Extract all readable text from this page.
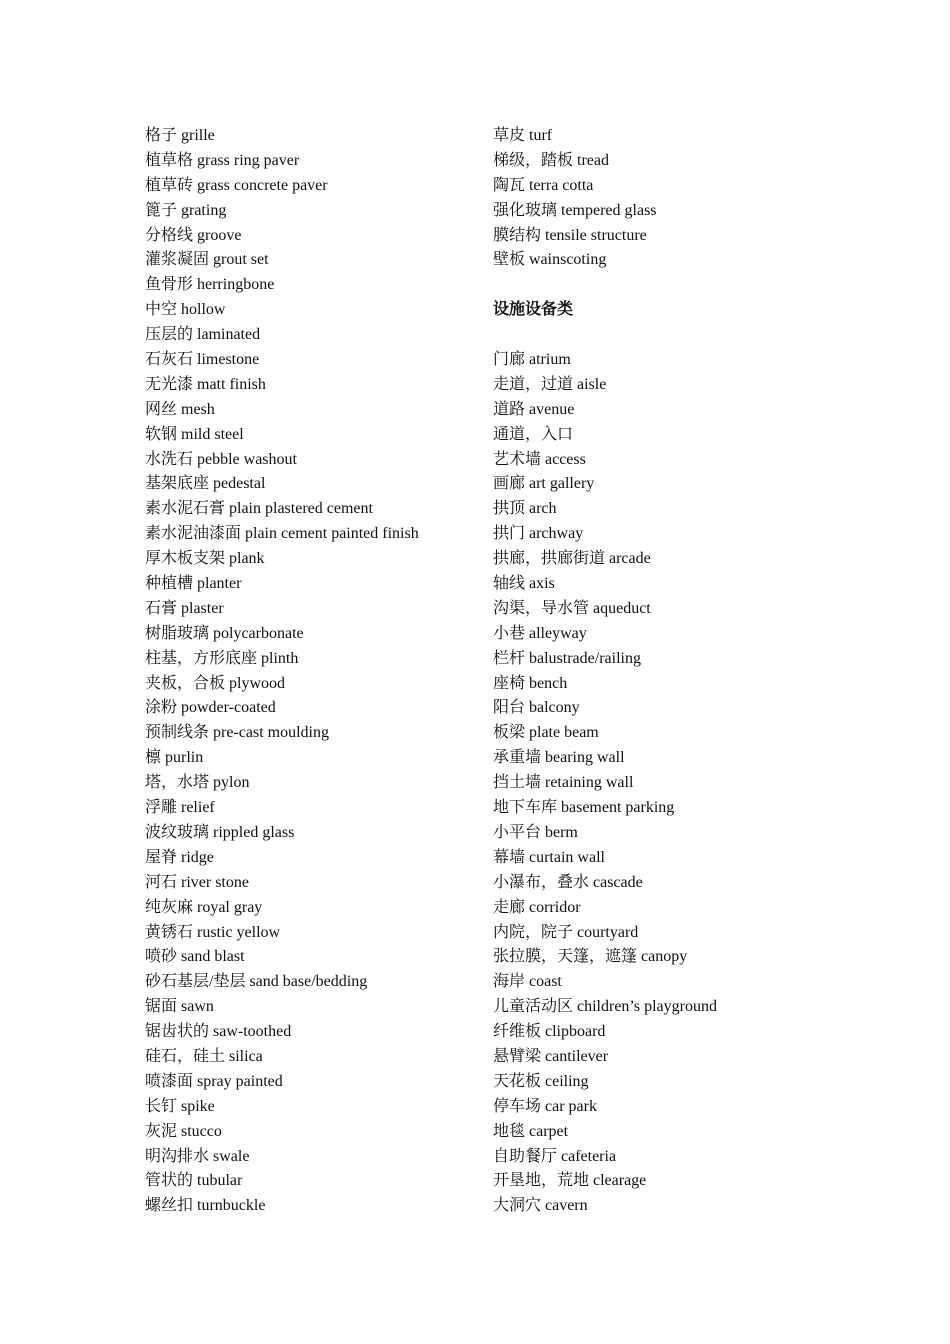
格子 grille
植草格 grass ring paver
植草砖 grass concrete paver
篦子 grating
分格线 groove
灌浆凝固 grout set
鱼骨形 herringbone
中空 hollow
压层的 laminated
石灰石 limestone
无光漆 matt finish
网丝 mesh
软钢 mild steel
水洗石 pebble washout
基架底座 pedestal
素水泥石膏 plain plastered cement
素水泥油漆面 plain cement painted finish
厚木板支架 plank
种植槽 planter
石膏 plaster
树脂玻璃 polycarbonate
柱基，方形底座 plinth
夹板，合板 plywood
涂粉 powder-coated
预制线条 pre-cast moulding
檩 purlin
塔，水塔 pylon
浮雕 relief
波纹玻璃 rippled glass
屋脊 ridge
河石 river stone
纯灰麻 royal gray
黄锈石 rustic yellow
喷砂 sand blast
砂石基层/垫层 sand base/bedding
锯面 sawn
锯齿状的 saw-toothed
硅石，硅土 silica
喷漆面 spray painted
长钉 spike
灰泥 stucco
明沟排水 swale
管状的 tubular
螺丝扣 turnbuckle
草皮 turf
梯级，踏板 tread
陶瓦 terra cotta
强化玻璃 tempered glass
膜结构 tensile structure
壁板 wainscoting
设施设备类
门廊 atrium
走道，过道 aisle
道路 avenue
通道，入口
艺术墙 access
画廊 art gallery
拱顶 arch
拱门 archway
拱廊，拱廊街道 arcade
轴线 axis
沟渠，导水管 aqueduct
小巷 alleyway
栏杆 balustrade/railing
座椅 bench
阳台 balcony
板梁 plate beam
承重墙 bearing wall
挡土墙 retaining wall
地下车库 basement parking
小平台 berm
幕墙 curtain wall
小瀑布，叠水 cascade
走廊 corridor
内院，院子 courtyard
张拉膜，天篷，遮篷 canopy
海岸 coast
儿童活动区 children’s playground
纤维板 clipboard
悬臂梁 cantilever
天花板 ceiling
停车场 car park
地毯 carpet
自助餐厅 cafeteria
开垦地，荒地 clearage
大洞穴 cavern
